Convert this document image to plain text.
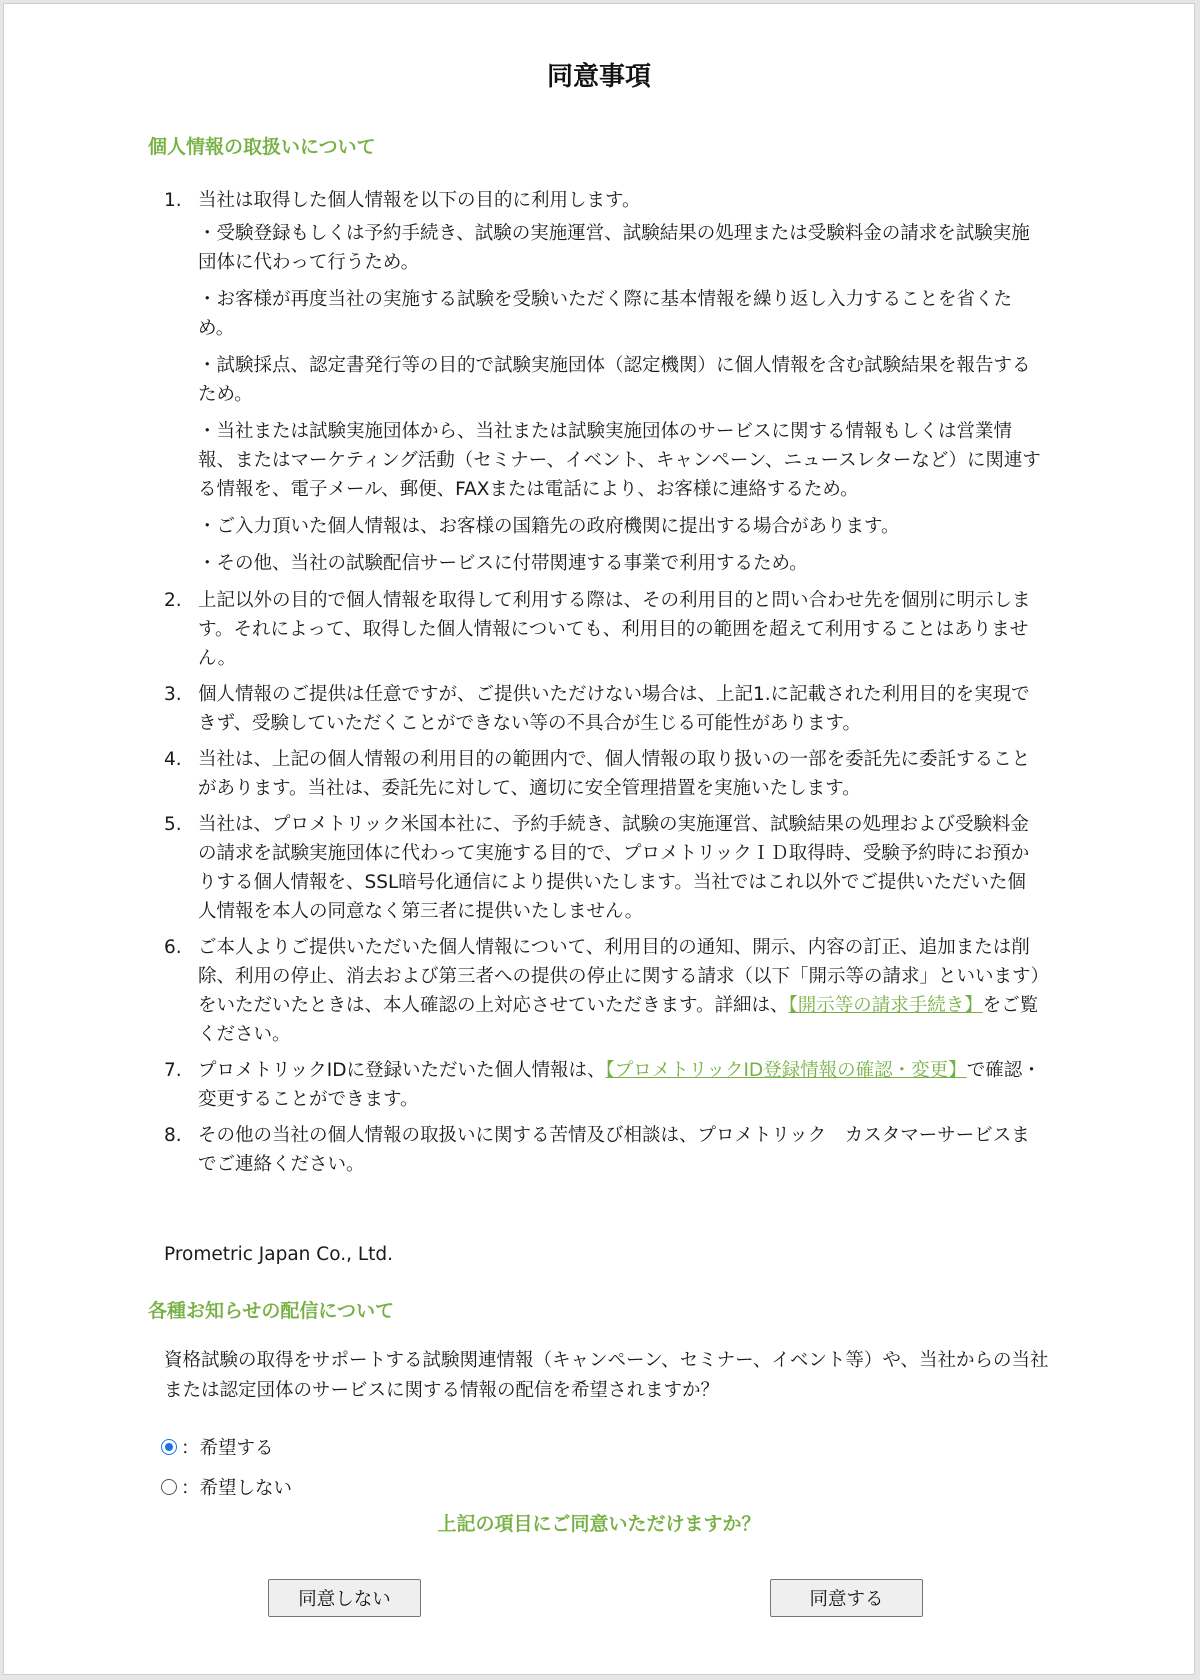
同意事項
個人情報の取扱いについて
1. 当社は取得した個人情報を以下の目的に利用します。
・受験登録もしくは予約手続き、試験の実施運営、試験結果の処理または受験料金の請求を試験実施団体に代わって行うため。
・お客様が再度当社の実施する試験を受験いただく際に基本情報を繰り返し入力することを省くため。
・試験採点、認定書発行等の目的で試験実施団体（認定機関）に個人情報を含む試験結果を報告するため。
・当社または試験実施団体から、当社または試験実施団体のサービスに関する情報もしくは営業情報、またはマーケティング活動（セミナー、イベント、キャンペーン、ニュースレターなど）に関連する情報を、電子メール、郵便、FAXまたは電話により、お客様に連絡するため。
・ご入力頂いた個人情報は、お客様の国籍先の政府機関に提出する場合があります。
・その他、当社の試験配信サービスに付帯関連する事業で利用するため。
2. 上記以外の目的で個人情報を取得して利用する際は、その利用目的と問い合わせ先を個別に明示します。それによって、取得した個人情報についても、利用目的の範囲を超えて利用することはありません。
3. 個人情報のご提供は任意ですが、ご提供いただけない場合は、上記1.に記載された利用目的を実現できず、受験していただくことができない等の不具合が生じる可能性があります。
4. 当社は、上記の個人情報の利用目的の範囲内で、個人情報の取り扱いの一部を委託先に委託することがあります。当社は、委託先に対して、適切に安全管理措置を実施いたします。
5. 当社は、プロメトリック米国本社に、予約手続き、試験の実施運営、試験結果の処理および受験料金の請求を試験実施団体に代わって実施する目的で、プロメトリックＩＤ取得時、受験予約時にお預かりする個人情報を、SSL暗号化通信により提供いたします。当社ではこれ以外でご提供いただいた個人情報を本人の同意なく第三者に提供いたしません。
6. ご本人よりご提供いただいた個人情報について、利用目的の通知、開示、内容の訂正、追加または削除、利用の停止、消去および第三者への提供の停止に関する請求（以下「開示等の請求」といいます）をいただいたときは、本人確認の上対応させていただきます。詳細は、【開示等の請求手続き】をご覧ください。
7. プロメトリックIDに登録いただいた個人情報は、【プロメトリックID登録情報の確認・変更】で確認・変更することができます。
8. その他の当社の個人情報の取扱いに関する苦情及び相談は、プロメトリック　カスタマーサービスまでご連絡ください。
Prometric Japan Co., Ltd.
各種お知らせの配信について
資格試験の取得をサポートする試験関連情報（キャンペーン、セミナー、イベント等）や、当社からの当社または認定団体のサービスに関する情報の配信を希望されますか？
：希望する
：希望しない
上記の項目にご同意いただけますか？
同意しない	同意する
